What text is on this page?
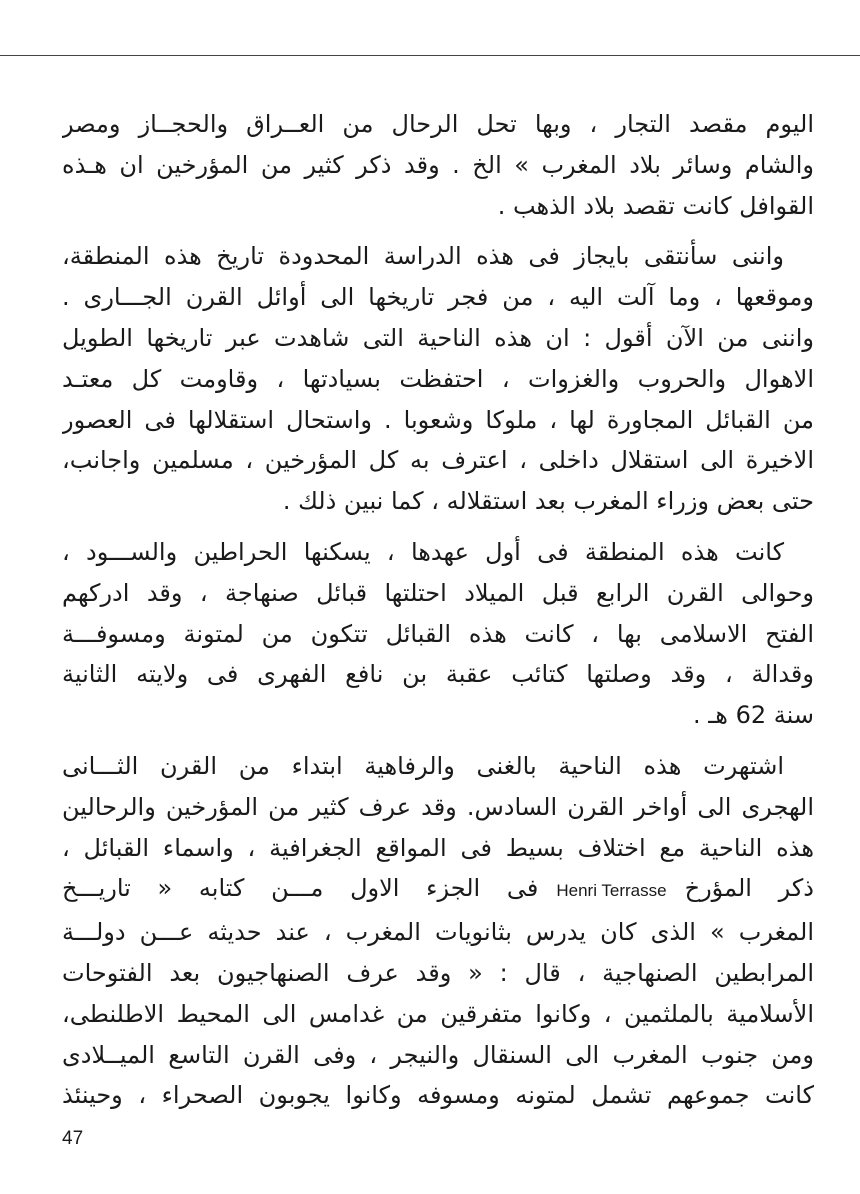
اليوم مقصد التجار ، وبها تحل الرحال من العــراق والحجــاز ومصر
والشام وسائر بلاد المغرب » الخ . وقد ذكر كثير من المؤرخين ان هـذه
القوافل كانت تقصد بلاد الذهب .
واننى سأنتقى بايجاز فى هذه الدراسة المحدودة تاريخ هذه المنطقة،
وموقعها ، وما آلت اليه ، من فجر تاريخها الى أوائل القرن الجـــارى .
واننى من الآن أقول : ان هذه الناحية التى شاهدت عبر تاريخها الطويل
الاهوال والحروب والغزوات ، احتفظت بسيادتها ، وقاومت كل معتـد
من القبائل المجاورة لها ، ملوكا وشعوبا . واستحال استقلالها فى العصور
الاخيرة الى استقلال داخلى ، اعترف به كل المؤرخين ، مسلمين واجانب،
حتى بعض وزراء المغرب بعد استقلاله ، كما نبين ذلك .
كانت هذه المنطقة فى أول عهدها ، يسكنها الحراطين والســـود ،
وحوالى القرن الرابع قبل الميلاد احتلتها قبائل صنهاجة ، وقد ادركهم
الفتح الاسلامى بها ، كانت هذه القبائل تتكون من لمتونة ومسوفـــة
وقدالة ، وقد وصلتها كتائب عقبة بن نافع الفهرى فى ولايته الثانية
سنة 62 هـ .
اشتهرت هذه الناحية بالغنى والرفاهية ابتداء من القرن الثـــانى
الهجرى الى أواخر القرن السادس. وقد عرف كثير من المؤرخين والرحالين
هذه الناحية مع اختلاف بسيط فى المواقع الجغرافية ، واسماء القبائل ،
ذكر المؤرخHenri Terrasseفى الجزء الاول مـــن كتابه « تاريـــخ
المغرب » الذى كان يدرس بثانويات المغرب ، عند حديثه عـــن دولـــة
المرابطين الصنهاجية ، قال : « وقد عرف الصنهاجيون بعد الفتوحات
الأسلامية بالملثمين ، وكانوا متفرقين من غدامس الى المحيط الاطلنطى،
ومن جنوب المغرب الى السنقال والنيجر ، وفى القرن التاسع الميــلادى
كانت جموعهم تشمل لمتونه ومسوفه وكانوا يجوبون الصحراء ، وحينئذ
47
